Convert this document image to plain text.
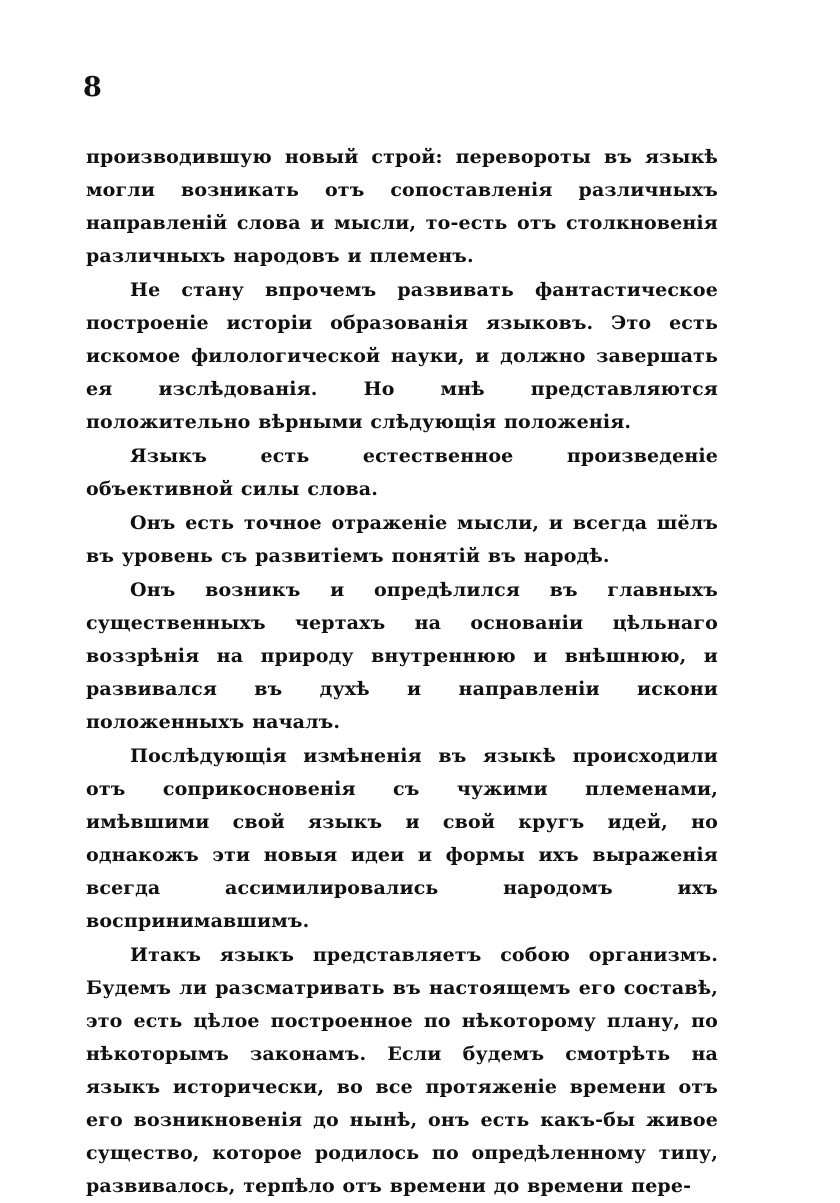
8

производившую новый строй: перевороты въ языкѣ могли возникать отъ сопоставленія различныхъ направленій слова и мысли, то-есть отъ столкновенія различныхъ народовъ и племенъ.

Не стану впрочемъ развивать фантастическое построеніе исторіи образованія языковъ. Это есть искомое филологической науки, и должно завершать ея изслѣдованія. Но мнѣ представляются положительно вѣрными слѣдующія положенія.

Языкъ есть естественное произведеніе объективной силы слова.

Онъ есть точное отраженіе мысли, и всегда шёлъ въ уровень съ развитіемъ понятій въ народѣ.

Онъ возникъ и опредѣлился въ главныхъ существенныхъ чертахъ на основаніи цѣльнаго воззрѣнія на природу внутреннюю и внѣшнюю, и развивался въ духѣ и направленіи искони положенныхъ началъ.

Послѣдующія измѣненія въ языкѣ происходили отъ соприкосновенія съ чужими племенами, имѣвшими свой языкъ и свой кругъ идей, но однакожъ эти новыя идеи и формы ихъ выраженія всегда ассимилировались народомъ ихъ воспринимавшимъ.

Итакъ языкъ представляетъ собою организмъ. Будемъ ли разсматривать въ настоящемъ его составѣ, это есть цѣлое построенное по нѣкоторому плану, по нѣкоторымъ законамъ. Если будемъ смотрѣть на языкъ исторически, во все протяженіе времени отъ его возникновенія до нынѣ, онъ есть какъ-бы живое существо, которое родилось по опредѣленному типу, развивалось, терпѣло отъ времени до времени пере-
